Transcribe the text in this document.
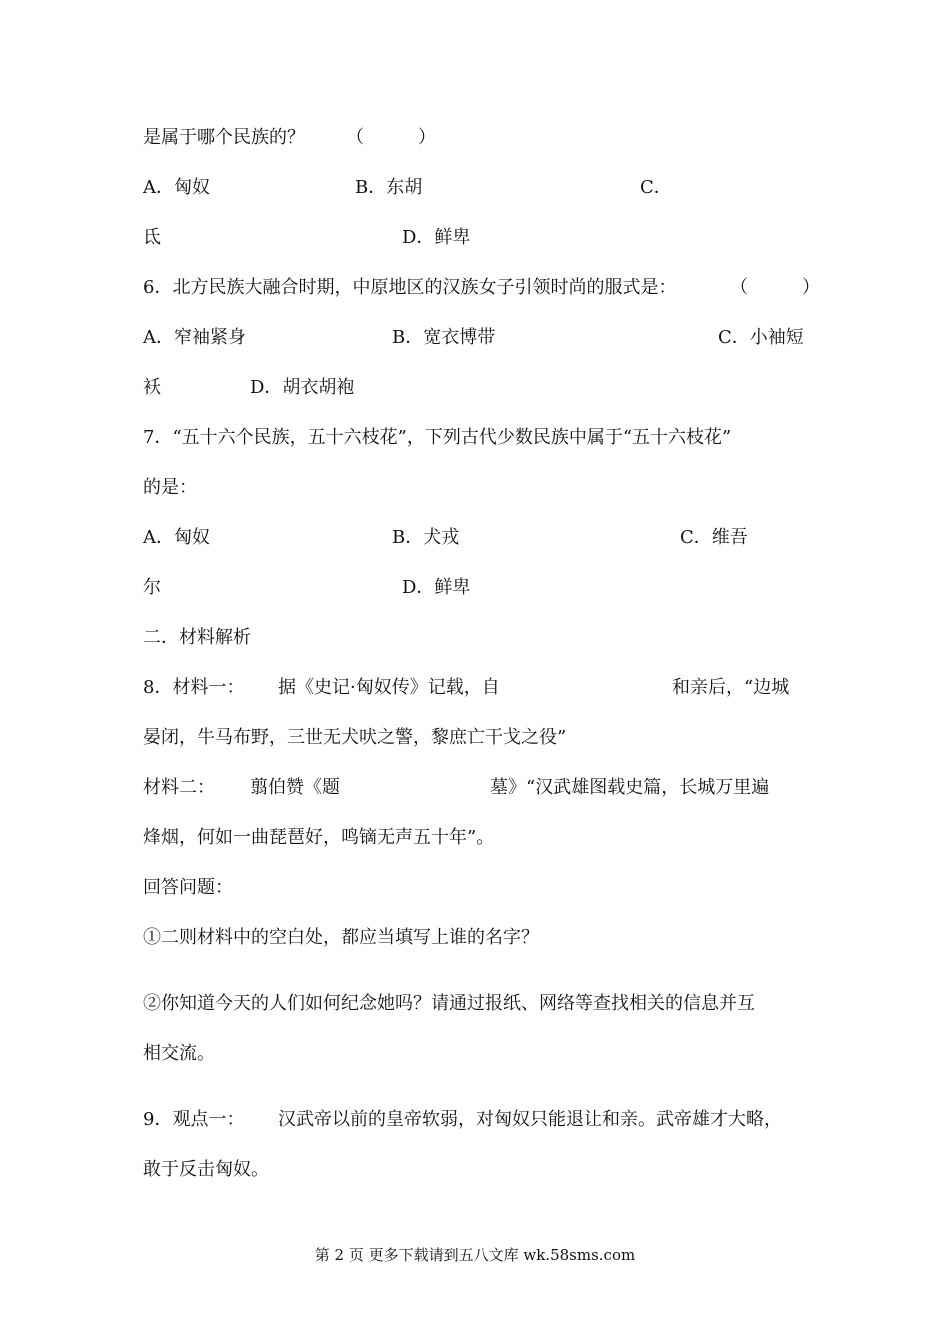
是属于哪个民族的？ （　　　）
A．匈奴	B．东胡	C．
氐	D．鲜卑
6．北方民族大融合时期，中原地区的汉族女子引领时尚的服式是：	（　　　）
A．窄袖紧身	B．宽衣博带	C．小袖短
袄	D．胡衣胡袍
7．“五十六个民族，五十六枝花”，下列古代少数民族中属于“五十六枝花”
的是：
A．匈奴	B．犬戎	C．维吾
尔	D．鲜卑
二．材料解析
8．材料一： 据《史记·匈奴传》记载，自	和亲后，“边城
晏闭，牛马布野，三世无犬吠之警，黎庶亡干戈之役”
材料二： 翦伯赞《题	墓》“汉武雄图载史篇，长城万里遍
烽烟，何如一曲琵琶好，鸣镝无声五十年”。
回答问题：
①二则材料中的空白处，都应当填写上谁的名字？
②你知道今天的人们如何纪念她吗？请通过报纸、网络等查找相关的信息并互
相交流。
9．观点一： 汉武帝以前的皇帝软弱，对匈奴只能退让和亲。武帝雄才大略，
敢于反击匈奴。
第 2 页 更多下载请到五八文库 wk.58sms.com
